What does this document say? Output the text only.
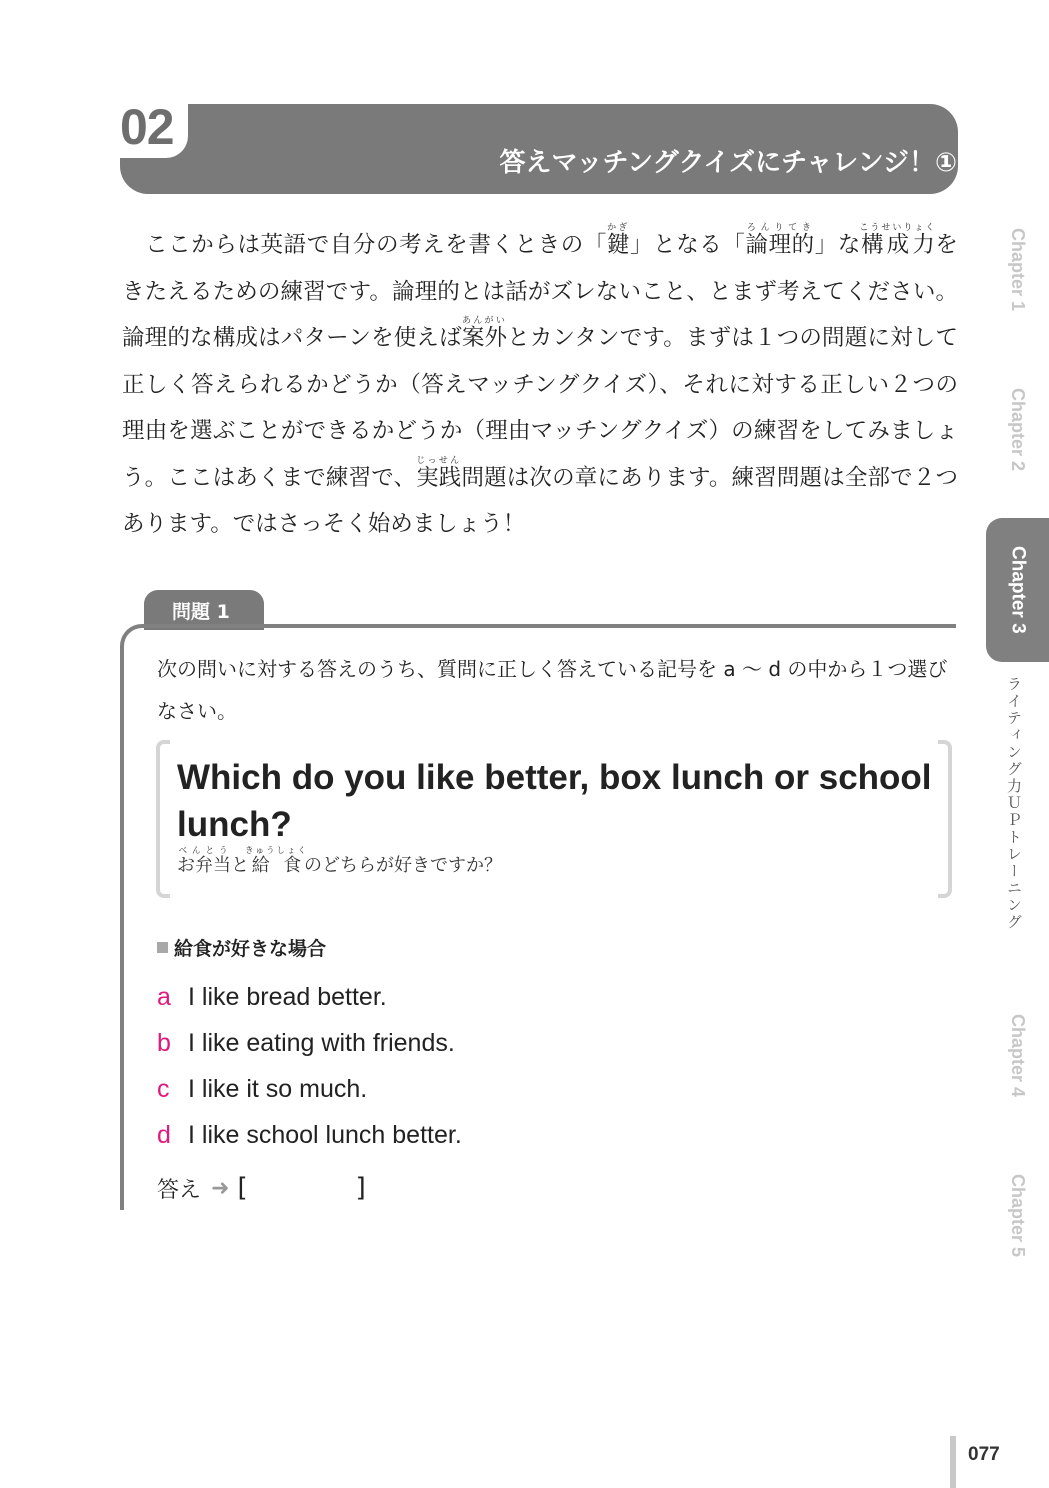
02
答えマッチングクイズにチャレンジ！①

　ここからは英語で自分の考えを書くときの「鍵かぎ」となる「論理的ろんりてき」な構成力こうせいりょくをきたえるための練習です。論理的とは話がズレないこと、とまず考えてください。論理的な構成はパターンを使えば案外あんがいとカンタンです。まずは１つの問題に対して正しく答えられるかどうか（答えマッチングクイズ）、それに対する正しい２つの理由を選ぶことができるかどうか（理由マッチングクイズ）の練習をしてみましょう。ここはあくまで練習で、実践じっせん問題は次の章にあります。練習問題は全部で２つあります。ではさっそく始めましょう！

Chapter 1
Chapter 2
Chapter 3
ライティング力ＵＰトレーニング
Chapter 4
Chapter 5
問題 1

次の問いに対する答えのうち、質問に正しく答えている記号を a ～ d の中から１つ選びなさい。

Which do you like better, box lunch or school lunch?

お弁当べんとうと給食きゅうしょくのどちらが好きですか？
給食が好きな場合
a I like bread better.
b I like eating with friends.
c I like it so much.
d I like school lunch better.
答え ➜ [	]
077
